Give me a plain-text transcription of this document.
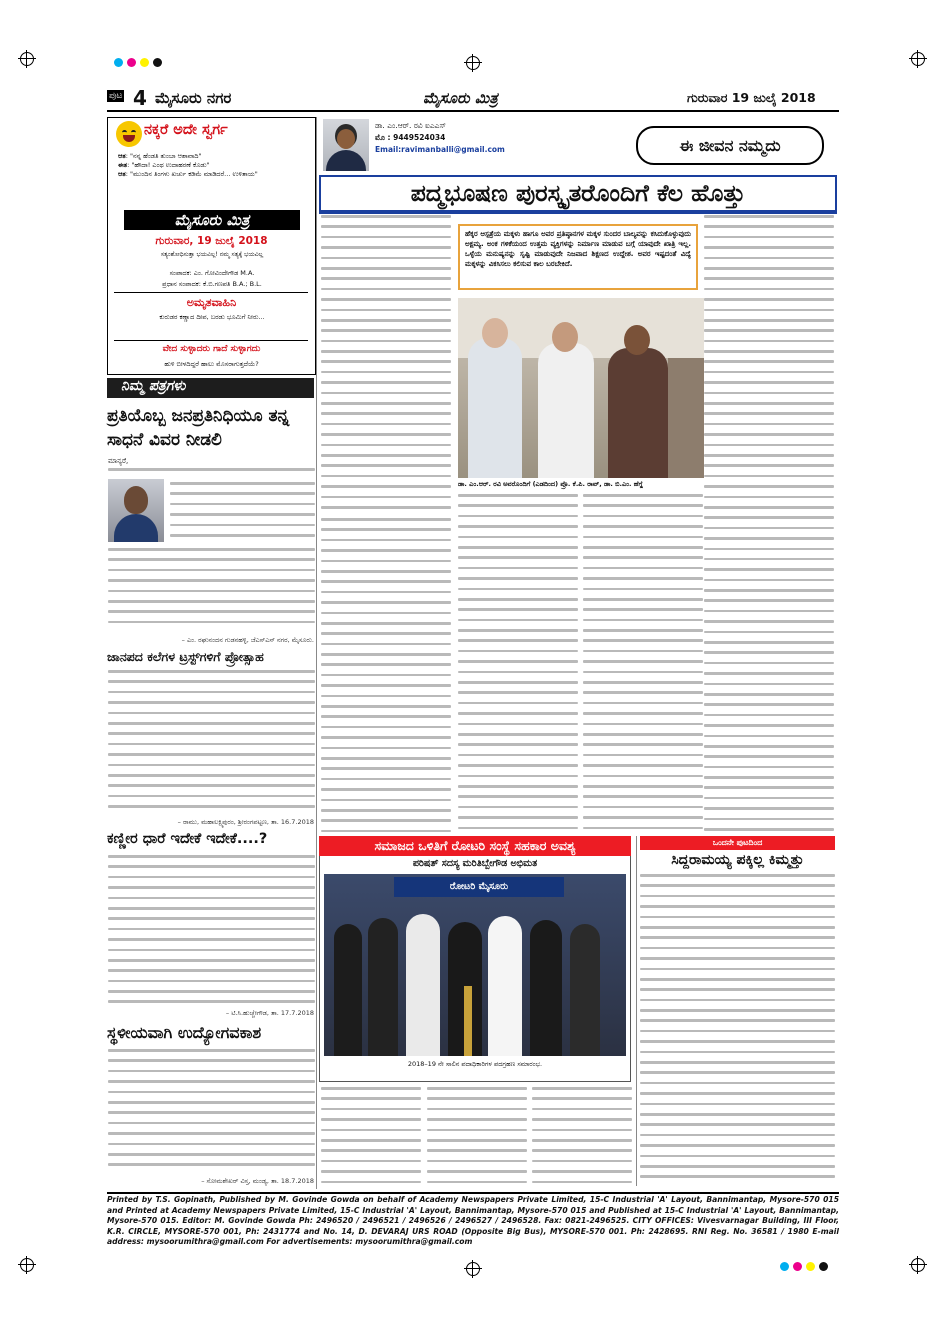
ಪುಟ 4 ಮೈಸೂರು ನಗರ	ಮೈಸೂರು ಮಿತ್ರ	ಗುರುವಾರ 19 ಜುಲೈ 2018
ನಕ್ಕರೆ ಅದೇ ಸ್ವರ್ಗ
ಆತ: "ನನ್ನ ಹೆಂಡತಿ ತುಂಬಾ ಆಶಾವಾದಿ"
ಈತ: "ಹೌದಾ! ಎಂಥ ಉದಾಹರಣೆ ಕೊಡು"
ಆತ: "ಮುಂದಿನ ತಿಂಗಳು ಖರ್ಚು ಕಡಿಮೆ ಮಾಡಿದರೆ... ಉಳಿತಾಯ"
ಮೈಸೂರು ಮಿತ್ರ
ಗುರುವಾರ, 19 ಜುಲೈ 2018
ಸತ್ಯಂಶೋಧಿಸುತ್ತಾ ಭಯವಿಲ್ಲ! ನಮ್ಮ ಸತ್ಯಕ್ಕೆ ಭಯವಿಲ್ಲ
ಸಂಪಾದಕ: ಎಂ. ಗೋವಿಂದೇಗೌಡ M.A.
ಪ್ರಧಾನ ಸಂಪಾದಕ: ಕೆ.ಬಿ.ಗಣಪತಿ B.A.; B.L.
ಅಮೃತವಾಹಿನಿ
ಕುರುಡರ ಕಣ್ಣಾದ ದೀಪ, ಬರಡು ಭೂಮಿಗೆ ನೀರು...
ವೇದ ಸುಳ್ಳಾದರು ಗಾದೆ ಸುಳ್ಳಾಗದು
ಹುಳಿ ಬೀಳದಿದ್ದರೆ ಹಾಲು ಮೊಸರಾಗುತ್ತದೆಯೆ?
ನಿಮ್ಮ ಪತ್ರಗಳು
ಪ್ರತಿಯೊಬ್ಬ ಜನಪ್ರತಿನಿಧಿಯೂ ತನ್ನ ಸಾಧನೆ ವಿವರ ನೀಡಲಿ
ಮಾನ್ಯರೆ,
– ಎಂ. ರಘುನಂದನ ಗುಡನಹಳ್ಳಿ, ಜೆಎಸ್‌ಎಸ್ ನಗರ, ಮೈಸೂರು.
ಜಾನಪದ ಕಲೆಗಳ ಟ್ರಸ್ಟ್‌ಗಳಿಗೆ ಪ್ರೋತ್ಸಾಹ
– ರಾಮು, ಮಹಾಲಕ್ಷ್ಮಿಪುರಂ, ಶ್ರೀರಂಗಪಟ್ಟಣ, ತಾ. 16.7.2018
ಕಣ್ಣೀರ ಧಾರೆ ಇದೇಕೆ ಇದೇಕೆ....?
– ಟಿ.ಸಿ.ಹುಚ್ಚೇಗೌಡ, ತಾ. 17.7.2018
ಸ್ಥಳೀಯವಾಗಿ ಉದ್ಯೋಗವಕಾಶ
– ಸೋಮಶೇಖರ್ ವಿಸ್ತ, ಮಂಡ್ಯ, ತಾ. 18.7.2018
ಡಾ. ಎಂ.ಆರ್. ರವಿ ಐಎಎಸ್
ಮೊ : 9449524034
Email:ravimanballi@gmail.com	ಈ ಜೀವನ ನಮ್ಮದು
ಪದ್ಮಭೂಷಣ ಪುರಸ್ಕೃತರೊಂದಿಗೆ ಕೆಲ ಹೊತ್ತು
ಹೆಕ್ಕರ ಆಸ್ಪತ್ರೆಯ ಮಕ್ಕಳು ಹಾಗೂ ಅವರ ಪ್ರತಿಷ್ಠಾನಗಳ ಮಕ್ಕಳ ಸುಂದರ ಬಾಲ್ಯವನ್ನು ಕಸಿದುಕೊಳ್ಳುವುದು ಅಕ್ಷಮ್ಯ. ಅಂಕ ಗಳಿಕೆಯಂದ ಉತ್ತಮ ವ್ಯಕ್ತಿಗಳನ್ನು ನಿರ್ಮಾಣ ಮಾಡುವ ಬಗ್ಗೆ ಯಾವುದೇ ಖಾತ್ರಿ ಇಲ್ಲ. ಒಳ್ಳೆಯ ಮನುಷ್ಯನನ್ನು ಸೃಷ್ಟಿ ಮಾಡುವುದೇ ನಿಜವಾದ ಶಿಕ್ಷಣದ ಉದ್ದೇಶ. ಅವರ ಇಷ್ಟದಂತೆ ವಿದ್ಯೆ ಮಕ್ಕಳನ್ನು ವಿಕಸಿಸಲು ಕಲಿಸುವ ಕಾಲ ಬರಬೇಕಿದೆ.
ಡಾ. ಎಂ.ಆರ್. ರವಿ ಅವರೊಂದಿಗೆ (ಎಡದಿಂದ) ಪ್ರೊ. ಕೆ.ಪಿ. ರಾವ್, ಡಾ. ಬಿ.ಎಂ. ಹೆಗ್ಡೆ
ಸಮಾಜದ ಒಳಿತಿಗೆ ರೋಟರಿ ಸಂಸ್ಥೆ ಸಹಕಾರ ಅವಶ್ಯ
ಪರಿಷತ್ ಸದಸ್ಯ ಮರಿತಿಬ್ಬೇಗೌಡ ಅಭಿಮತ
ರೋಟರಿ ಮೈಸೂರು
2018–19 ನೇ ಸಾಲಿನ ಪದಾಧಿಕಾರಿಗಳ ಪದಗ್ರಹಣ ಸಮಾರಂಭ.
ಒಂದನೇ ಪುಟದಿಂದ
ಸಿದ್ದರಾಮಯ್ಯ ಪಕ್ಕಿಲ್ಲ ಕಿಮ್ಮತ್ತು
Printed by T.S. Gopinath, Published by M. Govinde Gowda on behalf of Academy Newspapers Private Limited, 15-C Industrial 'A' Layout, Bannimantap, Mysore-570 015 and Printed at Academy Newspapers Private Limited, 15-C Industrial 'A' Layout, Bannimantap, Mysore-570 015 and Published at 15-C Industrial 'A' Layout, Bannimantap, Mysore-570 015. Editor: M. Govinde Gowda Ph: 2496520 / 2496521 / 2496526 / 2496527 / 2496528. Fax: 0821-2496525. CITY OFFICES: Vivesvarnagar Building, III Floor, K.R. CIRCLE, MYSORE-570 001, Ph: 2431774 and No. 14, D. DEVARAJ URS ROAD (Opposite Big Bus), MYSORE-570 001. Ph: 2428695. RNI Reg. No. 36581 / 1980 E-mail address: mysoorumithra@gmail.com For advertisements: mysoorumithra@gmail.com
